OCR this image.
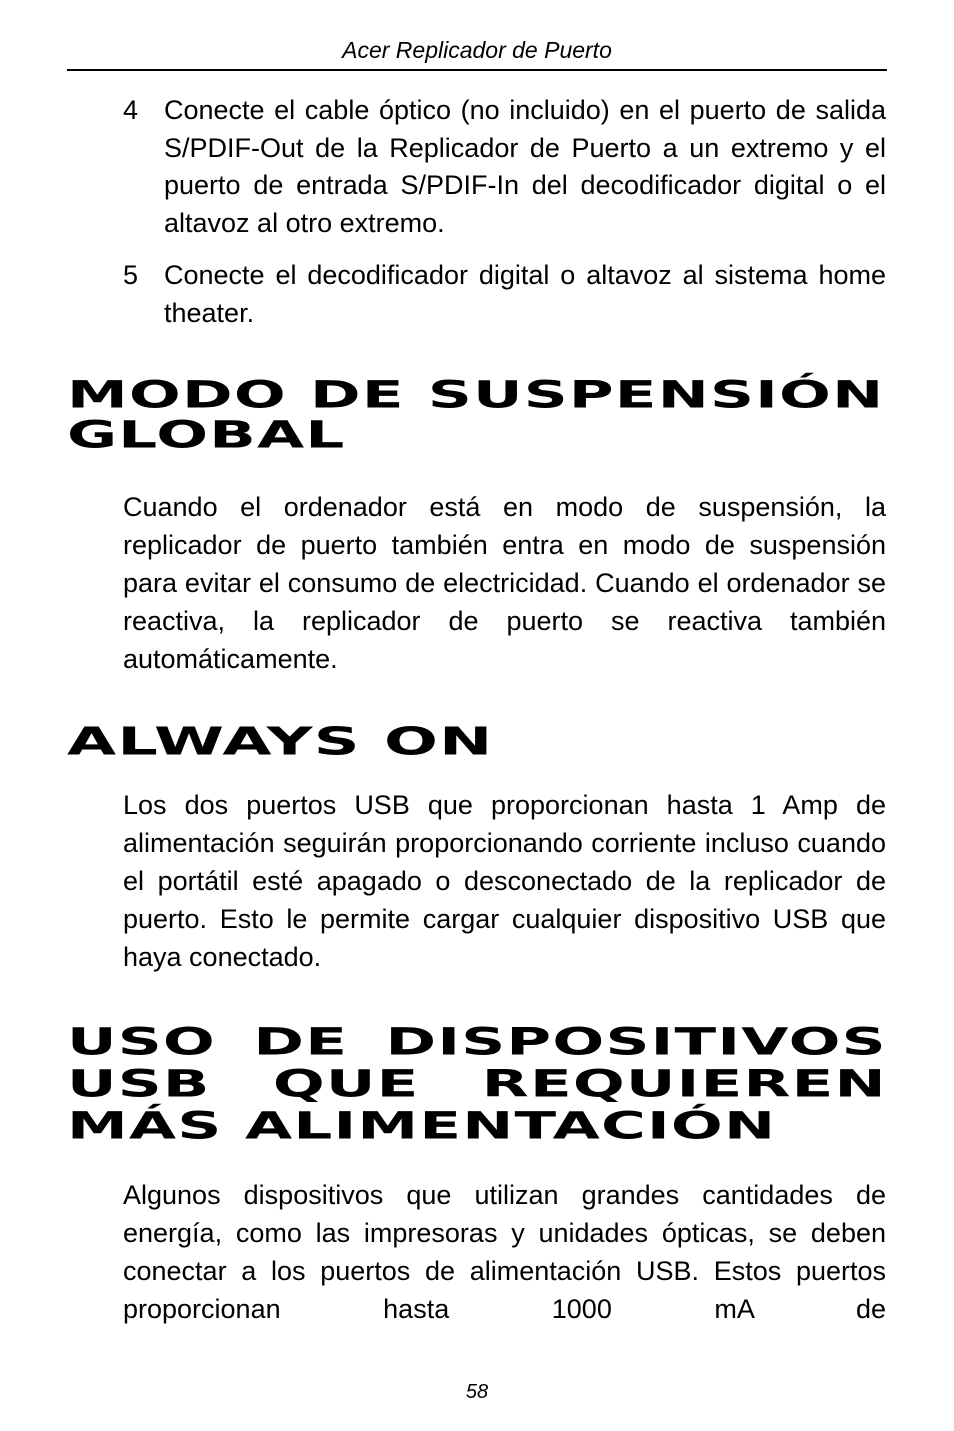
Acer Replicador de Puerto
4 Conecte el cable óptico (no incluido) en el puerto de salida S/PDIF-Out de la Replicador de Puerto a un extremo y el puerto de entrada S/PDIF-In del decodificador digital o el altavoz al otro extremo.
5 Conecte el decodificador digital o altavoz al sistema home theater.
MODO DE SUSPENSIÓN GLOBAL

Cuando el ordenador está en modo de suspensión, la replicador de puerto también entra en modo de suspensión para evitar el consumo de electricidad. Cuando el ordenador se reactiva, la replicador de puerto se reactiva también automáticamente.

ALWAYS ON

Los dos puertos USB que proporcionan hasta 1 Amp de alimentación seguirán proporcionando corriente incluso cuando el portátil esté apagado o desconectado de la replicador de puerto. Esto le permite cargar cualquier dispositivo USB que haya conectado.

USO DE DISPOSITIVOS USB QUE REQUIEREN MÁS ALIMENTACIÓN

Algunos dispositivos que utilizan grandes cantidades de energía, como las impresoras y unidades ópticas, se deben conectar a los puertos de alimentación USB. Estos puertos proporcionan hasta 1000 mA de

58
